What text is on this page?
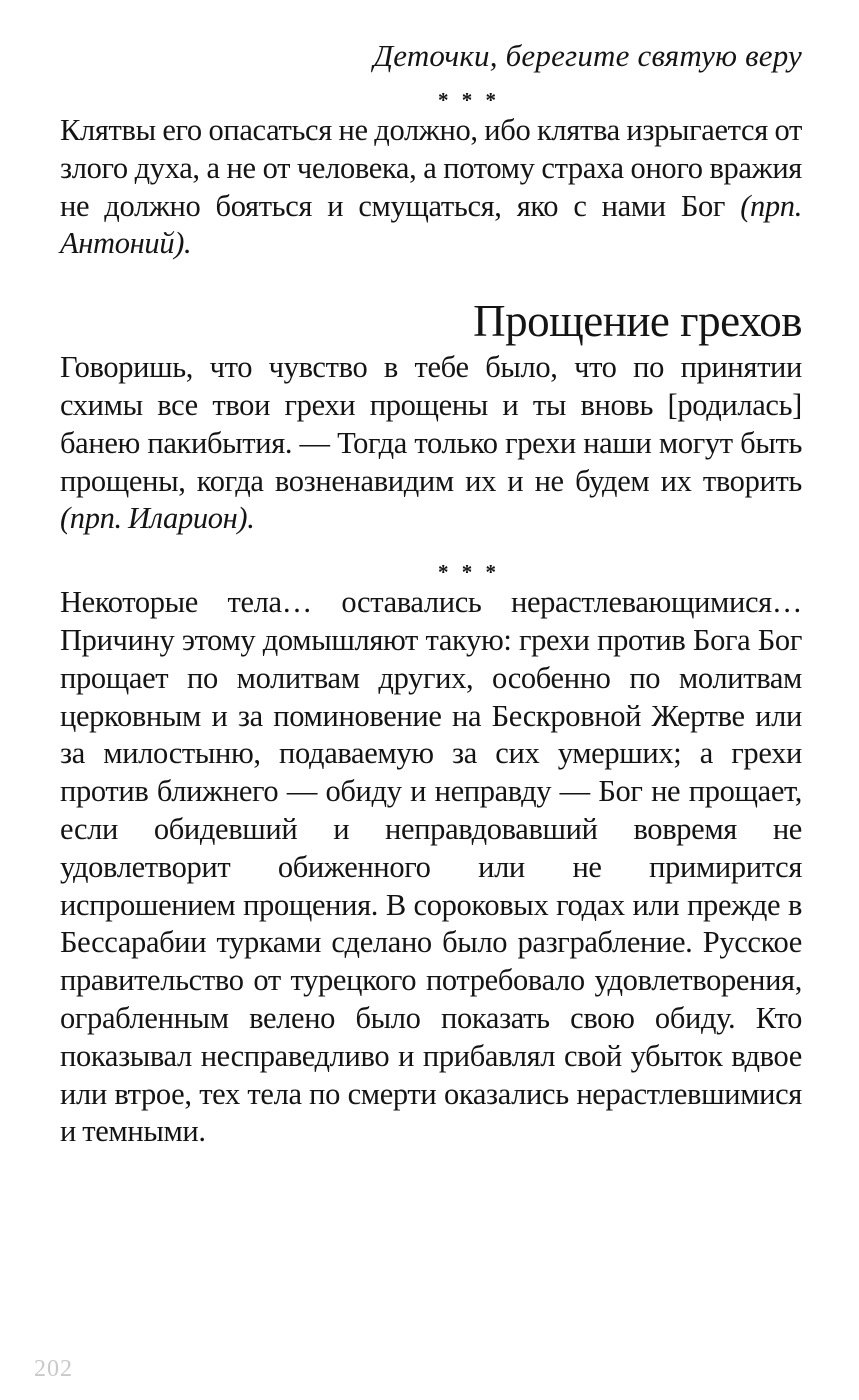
Деточки, берегите святую веру
* * *

Клятвы его опасаться не должно, ибо клятва изрыгается от злого духа, а не от человека, а потому страха оного вражия не должно бояться и смущаться, яко с нами Бог (прп. Антоний).

Прощение грехов

Говоришь, что чувство в тебе было, что по принятии схимы все твои грехи прощены и ты вновь [родилась] банею пакибытия. — Тогда только грехи наши могут быть прощены, когда возненавидим их и не будем их творить (прп. Иларион).

* * *

Некоторые тела… оставались нерастлевающимися… Причину этому домышляют такую: грехи против Бога Бог прощает по молитвам других, особенно по молитвам церковным и за поминовение на Бескровной Жертве или за милостыню, подаваемую за сих умерших; а грехи против ближнего — обиду и неправду — Бог не прощает, если обидевший и неправдовавший вовремя не удовлетворит обиженного или не примирится испрошением прощения. В сороковых годах или прежде в Бессарабии турками сделано было разграбление. Русское правительство от турецкого потребовало удовлетворения, ограбленным велено было показать свою обиду. Кто показывал несправедливо и прибавлял свой убыток вдвое или втрое, тех тела по смерти оказались нерастлевшимися и темными.

202
